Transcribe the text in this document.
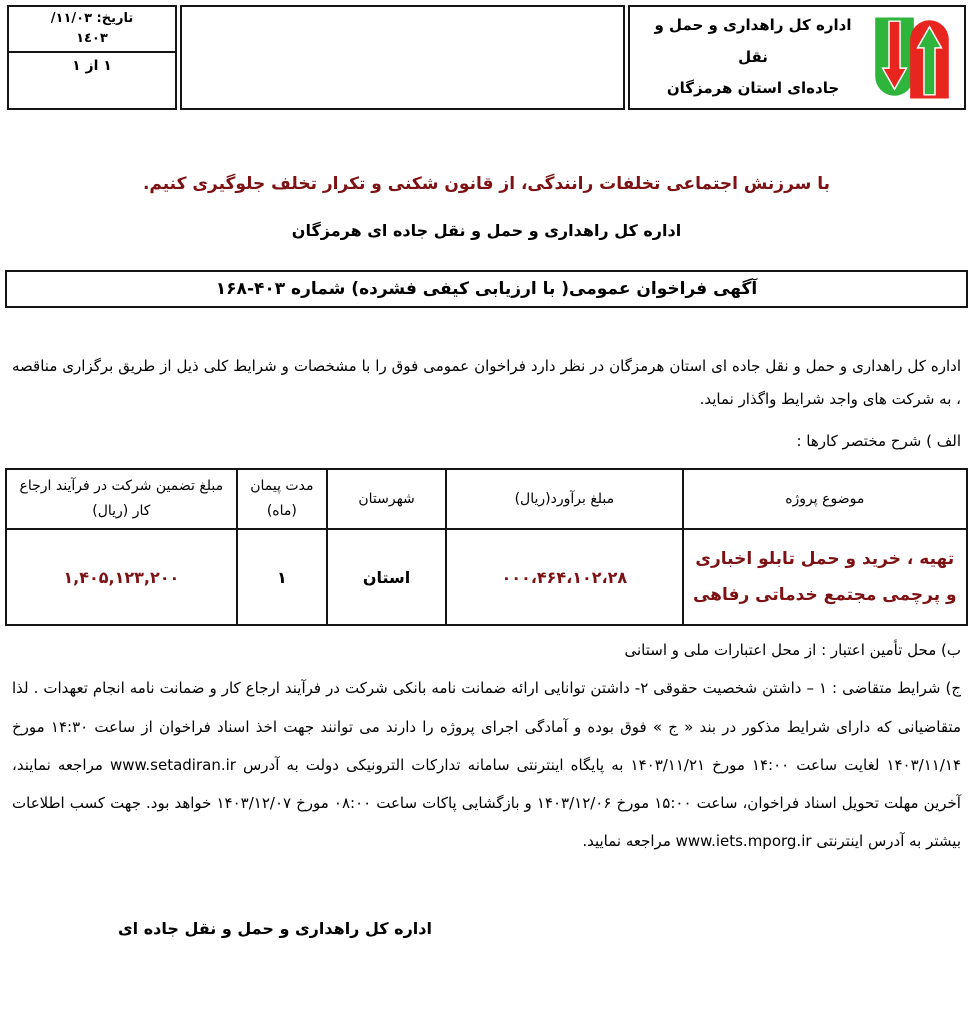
تاریخ: /١١/٠٣
١٤٠٣
١ از ١
اداره کل راهداری و حمل و نقل
جاده‌ای استان هرمزگان
با سرزنش اجتماعی تخلفات رانندگی، از قانون شکنی و تکرار تخلف جلوگیری کنیم.
اداره کل راهداری و حمل و نقل جاده ای هرمزگان
آگهی فراخوان عمومی( با ارزیابی کیفی فشرده) شماره ۴۰۳-۱۶۸
اداره کل راهداری و حمل و نقل جاده ای استان هرمزگان در نظر دارد فراخوان عمومی فوق را با مشخصات و شرایط کلی ذیل از طریق برگزاری مناقصه ، به شرکت های واجد شرایط واگذار نماید.
الف ) شرح مختصر کارها :
موضوع پروژه	مبلغ برآورد(ریال)	شهرستان	مدت پیمان (ماه)	مبلغ تضمین شرکت در فرآیند ارجاع کار (ریال)
تهیه ، خرید و حمل تابلو اخباری و پرچمی مجتمع خدماتی رفاهی	۰۰۰،۴۶۴،۱۰۲،۲۸	استان	۱	۱,۴۰۵,۱۲۳,۲۰۰
ب) محل تأمین اعتبار : از محل اعتبارات ملی و استانی
ج) شرایط متقاضی : ۱ – داشتن شخصیت حقوقی ۲- داشتن توانایی ارائه ضمانت نامه بانکی شرکت در فرآیند ارجاع کار و ضمانت نامه انجام تعهدات . لذا متقاضیانی که دارای شرایط مذکور در بند « ج » فوق بوده و آمادگی اجرای پروژه را دارند می توانند جهت اخذ اسناد فراخوان از ساعت ۱۴:۳۰ مورخ ۱۴۰۳/۱۱/۱۴ لغایت ساعت ۱۴:۰۰ مورخ ۱۴۰۳/۱۱/۲۱ به پایگاه اینترنتی سامانه تدارکات الترونیکی دولت به آدرس www.setadiran.ir مراجعه نمایند، آخرین مهلت تحویل اسناد فراخوان، ساعت ۱۵:۰۰ مورخ ۱۴۰۳/۱۲/۰۶ و بازگشایی پاکات ساعت ۰۸:۰۰ مورخ ۱۴۰۳/۱۲/۰۷ خواهد بود. جهت کسب اطلاعات بیشتر به آدرس اینترنتی www.iets.mporg.ir مراجعه نمایید.
اداره کل راهداری و حمل و نقل جاده ای
